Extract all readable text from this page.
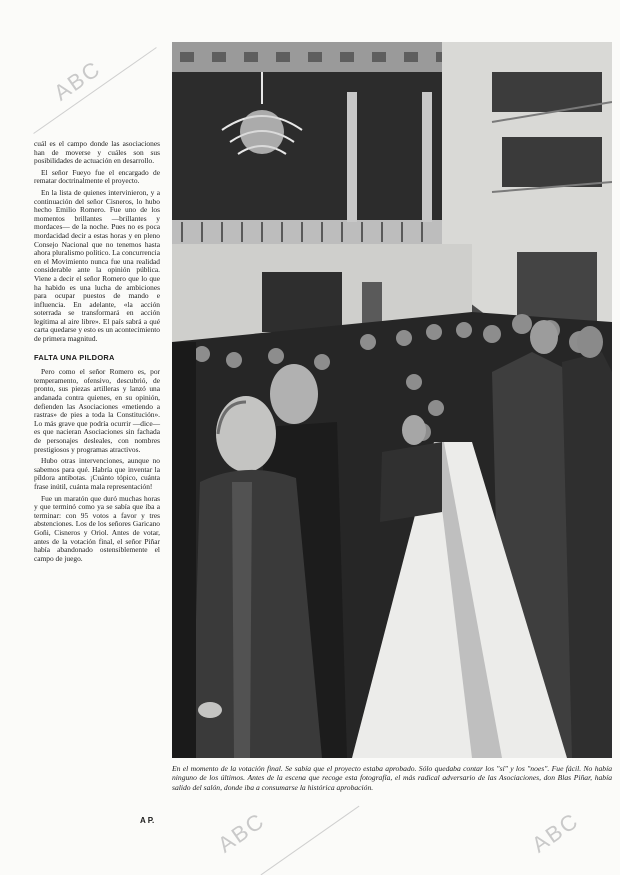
ABC
ABC	ABC

cuál es el campo donde las asociaciones han de moverse y cuáles son sus posibilidades de actuación en desarrollo.

El señor Fueyo fue el encargado de rematar doctrinalmente el proyecto.

En la lista de quienes intervinieron, y a continuación del señor Cisneros, lo hubo hecho Emilio Romero. Fue uno de los momentos brillantes —brillantes y mordaces— de la noche. Pues no es poca mordacidad decir a estas horas y en pleno Consejo Nacional que no tenemos hasta ahora pluralismo político. La concurrencia en el Movimiento nunca fue una realidad considerable ante la opinión pública. Viene a decir el señor Romero que lo que ha habido es una lucha de ambiciones para ocupar puestos de mando e influencia. En adelante, «la acción soterrada se transformará en acción legítima al aire libre». El país sabrá a qué carta quedarse y esto es un acontecimiento de primera magnitud.

FALTA UNA PILDORA

Pero como el señor Romero es, por temperamento, ofensivo, descubrió, de pronto, sus piezas artilleras y lanzó una andanada contra quienes, en su opinión, defienden las Asociaciones «metiendo a rastras» de pies a toda la Constitución». Lo más grave que podría ocurrir —dice— es que nacieran Asociaciones sin fachada de personajes desleales, con nombres prestigiosos y programas atractivos.

Hubo otras intervenciones, aunque no sabemos para qué. Habría que inventar la píldora antibotas. ¡Cuánto tópico, cuánta frase inútil, cuánta mala representación!

Fue un maratón que duró muchas horas y que terminó como ya se sabía que iba a terminar: con 95 votos a favor y tres abstenciones. Los de los señores Garicano Goñi, Cisneros y Oriol. Antes de votar, antes de la votación final, el señor Piñar había abandonado ostensiblemente el campo de juego.

En el momento de la votación final. Se sabía que el proyecto estaba aprobado. Sólo quedaba contar los "sí" y los "noes". Fue fácil. No había ninguno de los últimos. Antes de la escena que recoge esta fotografía, el más radical adversario de las Asociaciones, don Blas Piñar, había salido del salón, donde iba a consumarse la histórica aprobación.
A P.
